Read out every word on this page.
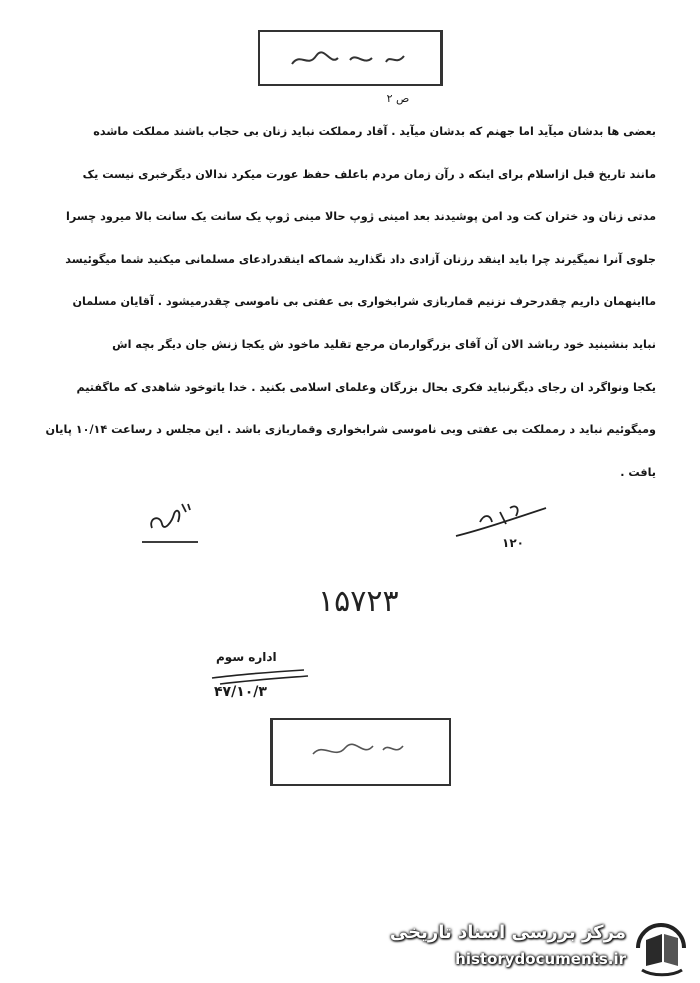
ص ۲
بعضی ها بدشان میآید اما جهنم که بدشان میآید . آقاد رمملکت نباید زنان بی حجاب باشند مملکت ماشده
مانند تاریخ قبل ازاسلام برای اینکه د رآن زمان مردم باعلف حفظ عورت میکرد ندالان دیگرخبری نیست یک
مدتی زنان ود ختران کت ود امن پوشیدند بعد امینی ژوپ حالا مینی ژوپ یک سانت یک سانت بالا میرود چسرا
جلوی آنرا نمیگیرند چرا باید اینقد رزنان آزادی داد نگذارید شماکه اینقدرادعای مسلمانی میکنید شما میگوئیسد
مااینهمان داریم چقدرحرف نزنیم قماربازی شرابخواری بی عفتی بی ناموسی چقدرمیشود . آقایان مسلمان
نباید بنشینید خود رباشد الان آن آقای بزرگوارمان مرجع تقلید ماخود ش یکجا زنش جان دیگر بچه اش
یکجا ونواگرد ان رجای دیگرنباید فکری بحال بزرگان وعلمای اسلامی بکنید . خدا یاتوخود شاهدی که ماگفتیم
ومیگوئیم نباید د رمملکت بی عفتی وبی ناموسی شرابخواری وقماربازی باشد . این مجلس د رساعت ۱۰/۱۴ پایان
یافت .
۱۲۰
۱۵۷۲۳
اداره سوم
۴۷/۱۰/۳
مرکز بررسی اسناد تاریخی
historydocuments.ir
